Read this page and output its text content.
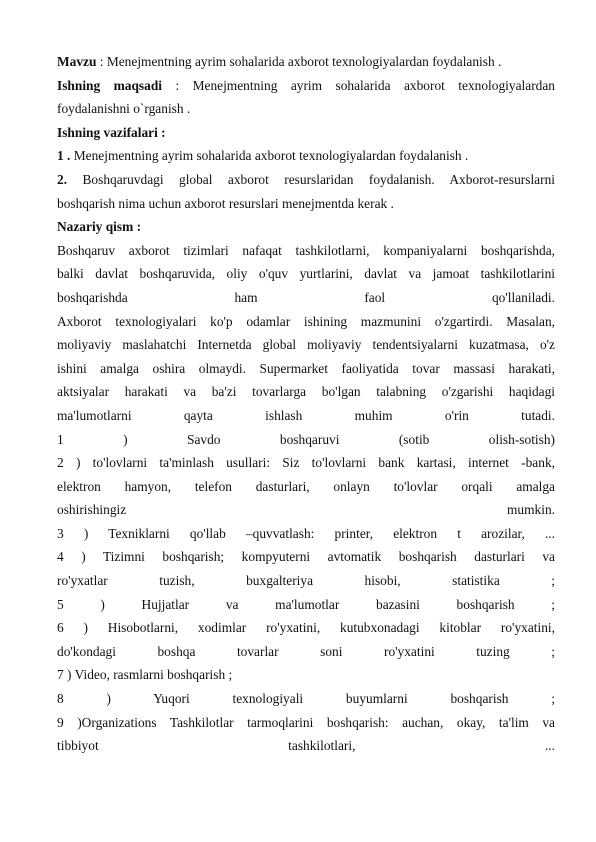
Mavzu : Menejmentning ayrim sohalarida axborot texnologiyalardan foydalanish .
Ishning maqsadi : Menejmentning ayrim sohalarida axborot texnologiyalardan
foydalanishni o`rganish .
Ishning vazifalari :
1 . Menejmentning ayrim sohalarida axborot texnologiyalardan foydalanish .
2. Boshqaruvdagi global axborot resurslaridan foydalanish. Axborot-resurslarni
boshqarish nima uchun axborot resurslari menejmentda kerak .
Nazariy qism :
Boshqaruv axborot tizimlari nafaqat tashkilotlarni, kompaniyalarni boshqarishda,
balki davlat boshqaruvida, oliy o'quv yurtlarini, davlat va jamoat tashkilotlarini
boshqarishda ham faol qo'llaniladi.
Axborot texnologiyalari ko'p odamlar ishining mazmunini o'zgartirdi. Masalan,
moliyaviy maslahatchi Internetda global moliyaviy tendentsiyalarni kuzatmasa, o'z
ishini amalga oshira olmaydi. Supermarket faoliyatida tovar massasi harakati,
aktsiyalar harakati va ba'zi tovarlarga bo'lgan talabning o'zgarishi haqidagi
ma'lumotlarni qayta ishlash muhim o'rin tutadi.
1 ) Savdo boshqaruvi (sotib olish-sotish)
2 ) to'lovlarni ta'minlash usullari: Siz to'lovlarni bank kartasi, internet -bank,
elektron hamyon, telefon dasturlari, onlayn to'lovlar orqali amalga
oshirishingiz mumkin.
3 ) Texniklarni qo'llab –quvvatlash: printer, elektron t arozilar, ...
4 ) Tizimni boshqarish; kompyuterni avtomatik boshqarish dasturlari va
ro'yxatlar tuzish, buxgalteriya hisobi, statistika ;
5 ) Hujjatlar va ma'lumotlar bazasini boshqarish ;
6 ) Hisobotlarni, xodimlar ro'yxatini, kutubxonadagi kitoblar ro'yxatini,
do'kondagi boshqa tovarlar soni ro'yxatini tuzing ;
7 ) Video, rasmlarni boshqarish ;
8 ) Yuqori texnologiyali buyumlarni boshqarish ;
9 )Organizations Tashkilotlar tarmoqlarini boshqarish: auchan, okay, ta'lim va
tibbiyot tashkilotlari, ...
